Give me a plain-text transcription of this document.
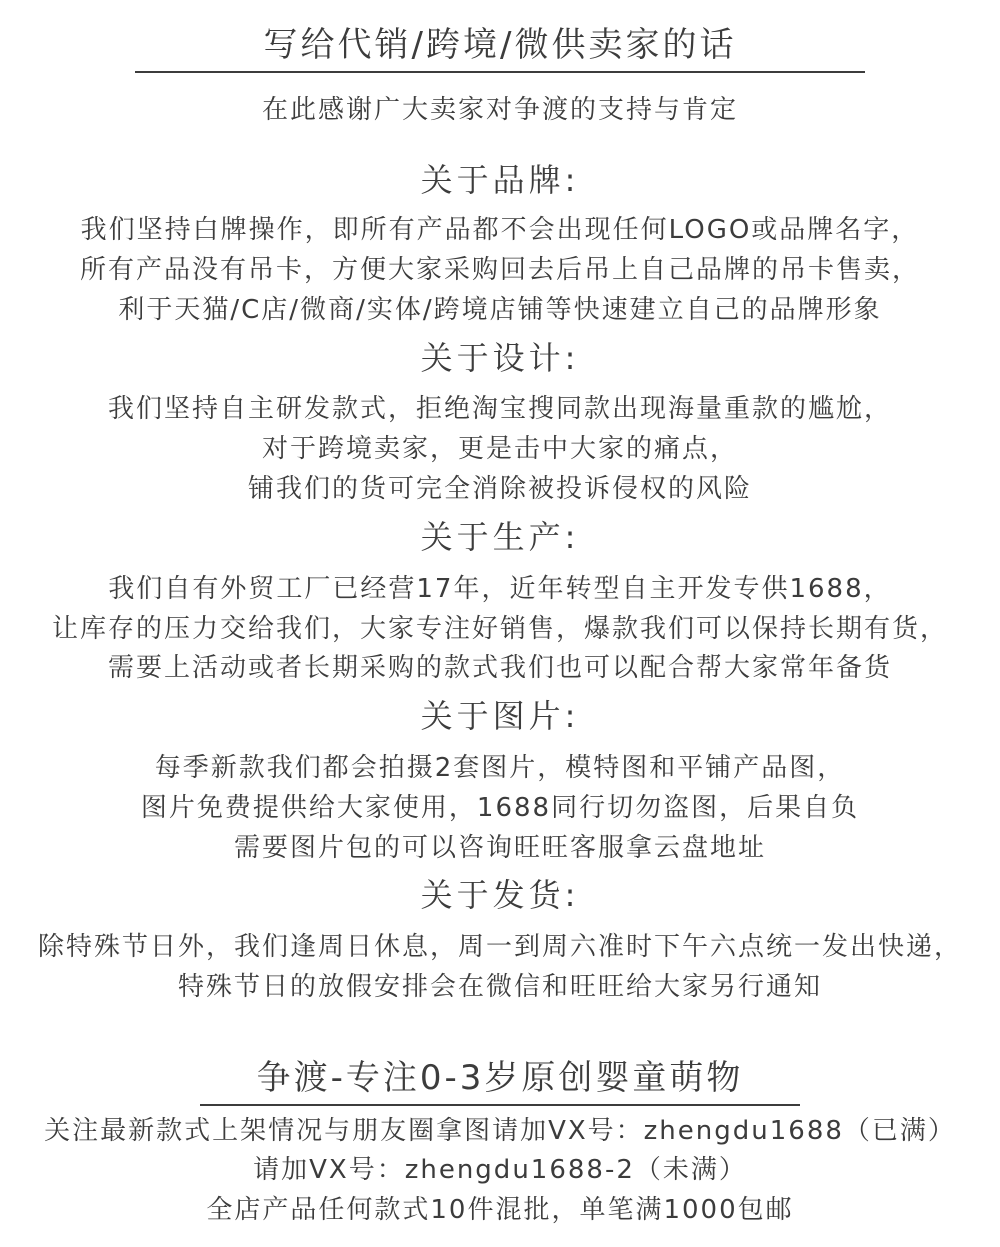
写给代销/跨境/微供卖家的话
在此感谢广大卖家对争渡的支持与肯定
关于品牌:
我们坚持白牌操作，即所有产品都不会出现任何LOGO或品牌名字，
所有产品没有吊卡，方便大家采购回去后吊上自己品牌的吊卡售卖，
利于天猫/C店/微商/实体/跨境店铺等快速建立自己的品牌形象
关于设计:
我们坚持自主研发款式，拒绝淘宝搜同款出现海量重款的尴尬，
对于跨境卖家，更是击中大家的痛点，
铺我们的货可完全消除被投诉侵权的风险
关于生产:
我们自有外贸工厂已经营17年，近年转型自主开发专供1688，
让库存的压力交给我们，大家专注好销售，爆款我们可以保持长期有货，
需要上活动或者长期采购的款式我们也可以配合帮大家常年备货
关于图片:
每季新款我们都会拍摄2套图片，模特图和平铺产品图，
图片免费提供给大家使用，1688同行切勿盗图，后果自负
需要图片包的可以咨询旺旺客服拿云盘地址
关于发货:
除特殊节日外，我们逢周日休息，周一到周六准时下午六点统一发出快递，
特殊节日的放假安排会在微信和旺旺给大家另行通知
争渡-专注0-3岁原创婴童萌物
关注最新款式上架情况与朋友圈拿图请加VX号：zhengdu1688（已满）
请加VX号：zhengdu1688-2（未满）
全店产品任何款式10件混批，单笔满1000包邮
